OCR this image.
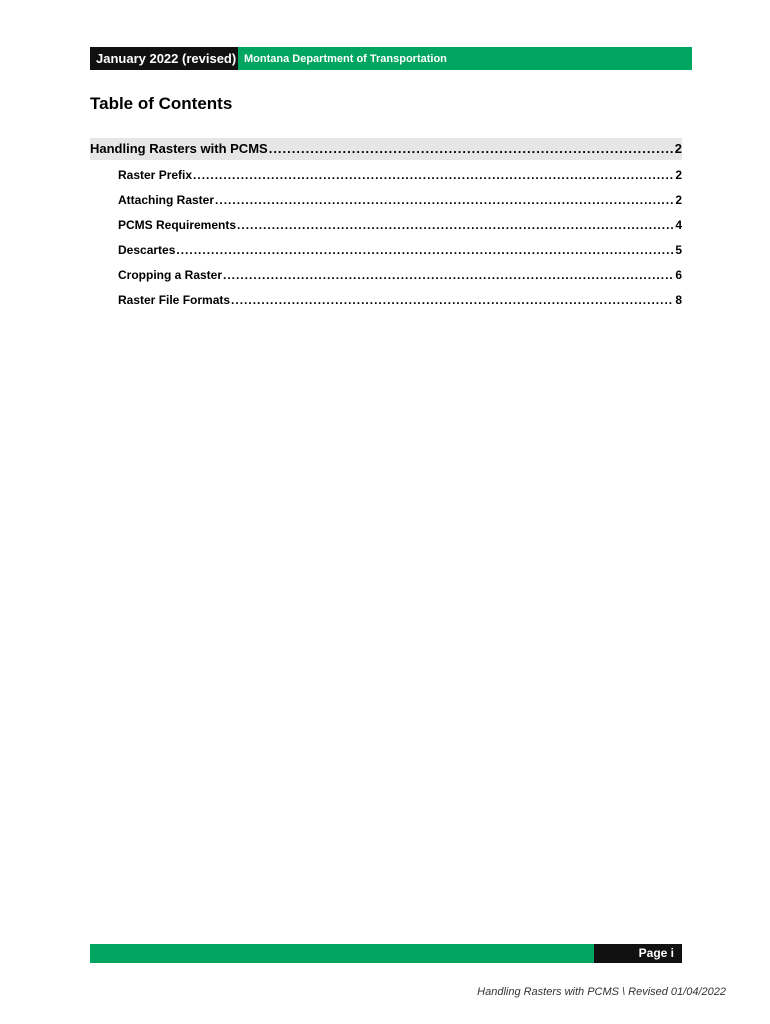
January 2022 (revised) Montana Department of Transportation
Table of Contents
Handling Rasters with PCMS .....	2
Raster Prefix .....	2
Attaching Raster .....	2
PCMS Requirements .....	4
Descartes .....	5
Cropping a Raster .....	6
Raster File Formats .....	8
Page i
Handling Rasters with PCMS \ Revised 01/04/2022
